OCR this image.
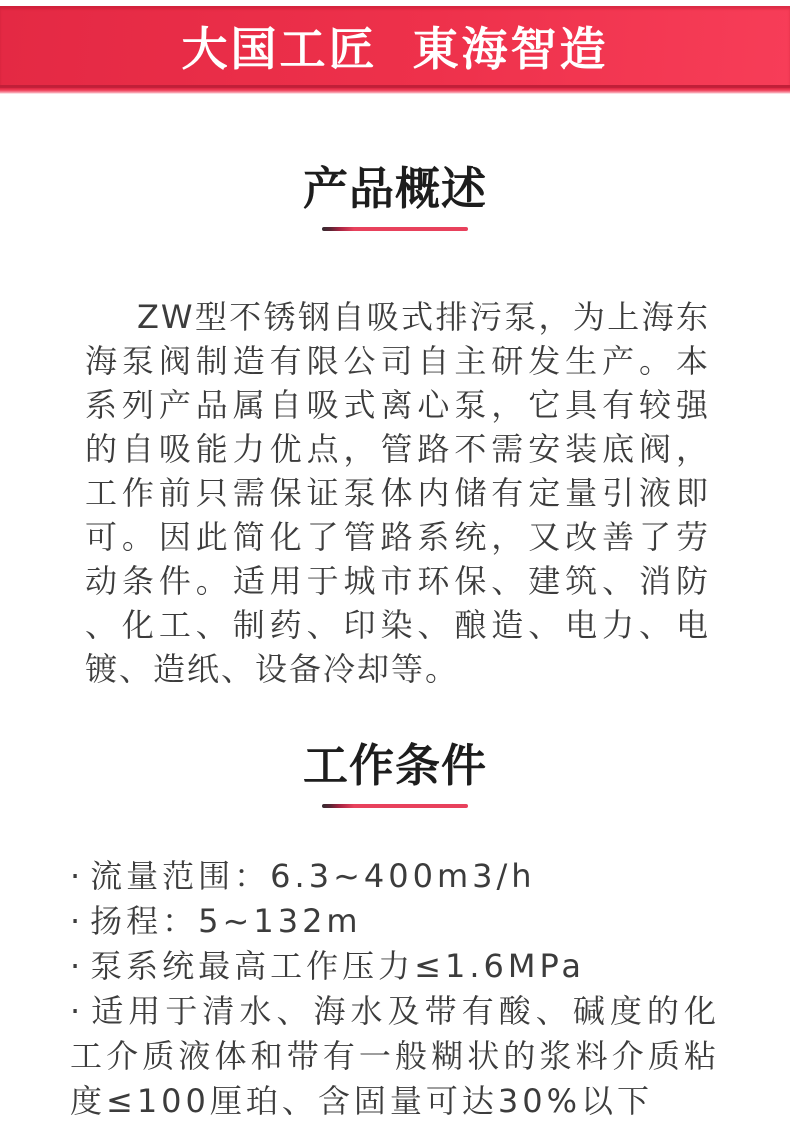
大国工匠 東海智造
产品概述
ZW型不锈钢自吸式排污泵，为上海东
海泵阀制造有限公司自主研发生产。本
系列产品属自吸式离心泵，它具有较强
的自吸能力优点，管路不需安装底阀，
工作前只需保证泵体内储有定量引液即
可。因此简化了管路系统，又改善了劳
动条件。适用于城市环保、建筑、消防
、化工、制药、印染、酿造、电力、电
镀、造纸、设备冷却等。
工作条件
· 流量范围：6.3~400m3/h
· 扬程：5~132m
· 泵系统最高工作压力≤1.6MPa
· 适用于清水、海水及带有酸、碱度的化工介质液体和带有一般糊状的浆料介质粘度≤100厘珀、含固量可达30%以下
